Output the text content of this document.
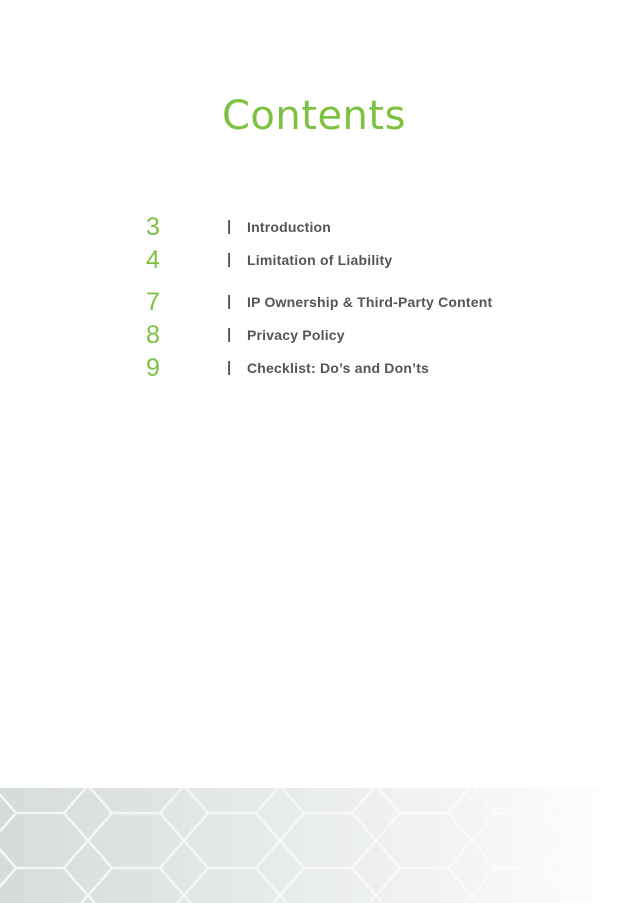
Contents
3	| Introduction
4	| Limitation of Liability
7	| IP Ownership & Third-Party Content
8	| Privacy Policy
9	| Checklist: Do’s and Don’ts
